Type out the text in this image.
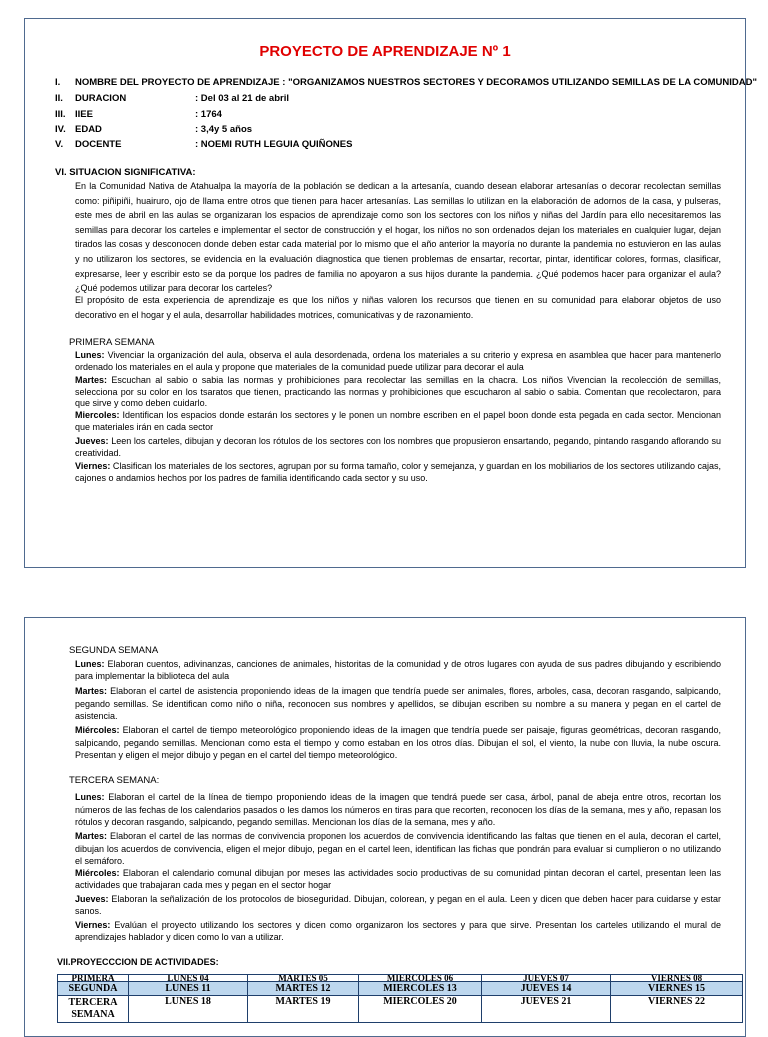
PROYECTO DE APRENDIZAJE Nº 1
I. NOMBRE DEL PROYECTO DE APRENDIZAJE : "ORGANIZAMOS NUESTROS SECTORES Y DECORAMOS UTILIZANDO SEMILLAS DE LA COMUNIDAD"
II. DURACION	: Del 03 al 21 de abril
III. IIEE	: 1764
IV. EDAD	: 3,4y 5 años
V. DOCENTE	: NOEMI RUTH LEGUIA QUIÑONES
VI. SITUACION SIGNIFICATIVA:
En la Comunidad Nativa de Atahualpa la mayoría de la población se dedican a la artesanía, cuando desean elaborar artesanías o decorar recolectan semillas como: piñipiñi, huairuro, ojo de llama entre otros que tienen para hacer artesanías. Las semillas lo utilizan en la elaboración de adornos de la casa, y pulseras, este mes de abril en las aulas se organizaran los espacios de aprendizaje como son los sectores con los niños y niñas del Jardín para ello necesitaremos las semillas para decorar los carteles e implementar el sector de construcción y el hogar, los niños no son ordenados dejan los materiales en cualquier lugar, dejan tirados las cosas y desconocen donde deben estar cada material por lo mismo que el año anterior la mayoría no durante la pandemia no estuvieron en las aulas y no utilizaron los sectores, se evidencia en la evaluación diagnostica que tienen problemas de ensartar, recortar, pintar, identificar colores, formas, clasificar, expresarse, leer y escribir esto se da porque los padres de familia no apoyaron a sus hijos durante la pandemia. ¿Qué podemos hacer para organizar el aula? ¿Qué podemos utilizar para decorar los carteles?
El propósito de esta experiencia de aprendizaje es que los niños y niñas valoren los recursos que tienen en su comunidad para elaborar objetos de uso decorativo en el hogar y el aula, desarrollar habilidades motrices, comunicativas y de razonamiento.
PRIMERA SEMANA
Lunes: Vivenciar la organización del aula, observa el aula desordenada, ordena los materiales a su criterio y expresa en asamblea que hacer para mantenerlo ordenado los materiales en el aula y propone que materiales de la comunidad puede utilizar para decorar el aula
Martes: Escuchan al sabio o sabia las normas y prohibiciones para recolectar las semillas en la chacra. Los niños Vivencian la recolección de semillas, selecciona por su color en los tsaratos que tienen, practicando las normas y prohibiciones que escucharon al sabio o sabia. Comentan que recolectaron, para que sirve y como deben cuidarlo.
Miercoles: Identifican los espacios donde estarán los sectores y le ponen un nombre escriben en el papel boon donde esta pegada en cada sector. Mencionan que materiales irán en cada sector
Jueves: Leen los carteles, dibujan y decoran los rótulos de los sectores con los nombres que propusieron ensartando, pegando, pintando rasgando aflorando su creatividad.
Viernes: Clasifican los materiales de los sectores, agrupan por su forma tamaño, color y semejanza, y guardan en los mobiliarios de los sectores utilizando cajas, cajones o andamios hechos por los padres de familia identificando cada sector y su uso.
SEGUNDA SEMANA
Lunes: Elaboran cuentos, adivinanzas, canciones de animales, historitas de la comunidad y de otros lugares con ayuda de sus padres dibujando y escribiendo para implementar la biblioteca del aula
Martes: Elaboran el cartel de asistencia proponiendo ideas de la imagen que tendría puede ser animales, flores, arboles, casa, decoran rasgando, salpicando, pegando semillas. Se identifican como niño o niña, reconocen sus nombres y apellidos, se dibujan escriben su nombre a su manera y pegan en el cartel de asistencia.
Miércoles: Elaboran el cartel de tiempo meteorológico proponiendo ideas de la imagen que tendría puede ser paisaje, figuras geométricas, decoran rasgando, salpicando, pegando semillas. Mencionan como esta el tiempo y como estaban en los otros días. Dibujan el sol, el viento, la nube con lluvia, la nube oscura. Presentan y eligen el mejor dibujo y pegan en el cartel del tiempo meteorológico.
TERCERA SEMANA:
Lunes: Elaboran el cartel de la línea de tiempo proponiendo ideas de la imagen que tendrá puede ser casa, árbol, panal de abeja entre otros, recortan los números de las fechas de los calendarios pasados o les damos los números en tiras para que recorten, reconocen los días de la semana, mes y año, repasan los rótulos y decoran rasgando, salpicando, pegando semillas. Mencionan los días de la semana, mes y año.
Martes: Elaboran el cartel de las normas de convivencia proponen los acuerdos de convivencia identificando las faltas que tienen en el aula, decoran el cartel, dibujan los acuerdos de convivencia, eligen el mejor dibujo, pegan en el cartel leen, identifican las fichas que pondrán para evaluar si cumplieron o no utilizando el semáforo.
Miércoles: Elaboran el calendario comunal dibujan por meses las actividades socio productivas de su comunidad pintan decoran el cartel, presentan leen las actividades que trabajaran cada mes y pegan en el sector hogar
Jueves: Elaboran la señalización de los protocolos de bioseguridad. Dibujan, colorean, y pegan en el aula. Leen y dicen que deben hacer para cuidarse y estar sanos.
Viernes: Evalúan el proyecto utilizando los sectores y dicen como organizaron los sectores y para que sirve. Presentan los carteles utilizando el mural de aprendizajes hablador y dicen como lo van a utilizar.
VII.PROYECCCION DE ACTIVIDADES:
PRIMERA	LUNES 04	MARTES 05	MIERCOLES 06	JUEVES 07	VIERNES 08
SEGUNDA	LUNES 11	MARTES 12	MIERCOLES 13	JUEVES 14	VIERNES 15
TERCERA SEMANA	LUNES 18	MARTES 19	MIERCOLES 20	JUEVES 21	VIERNES 22
